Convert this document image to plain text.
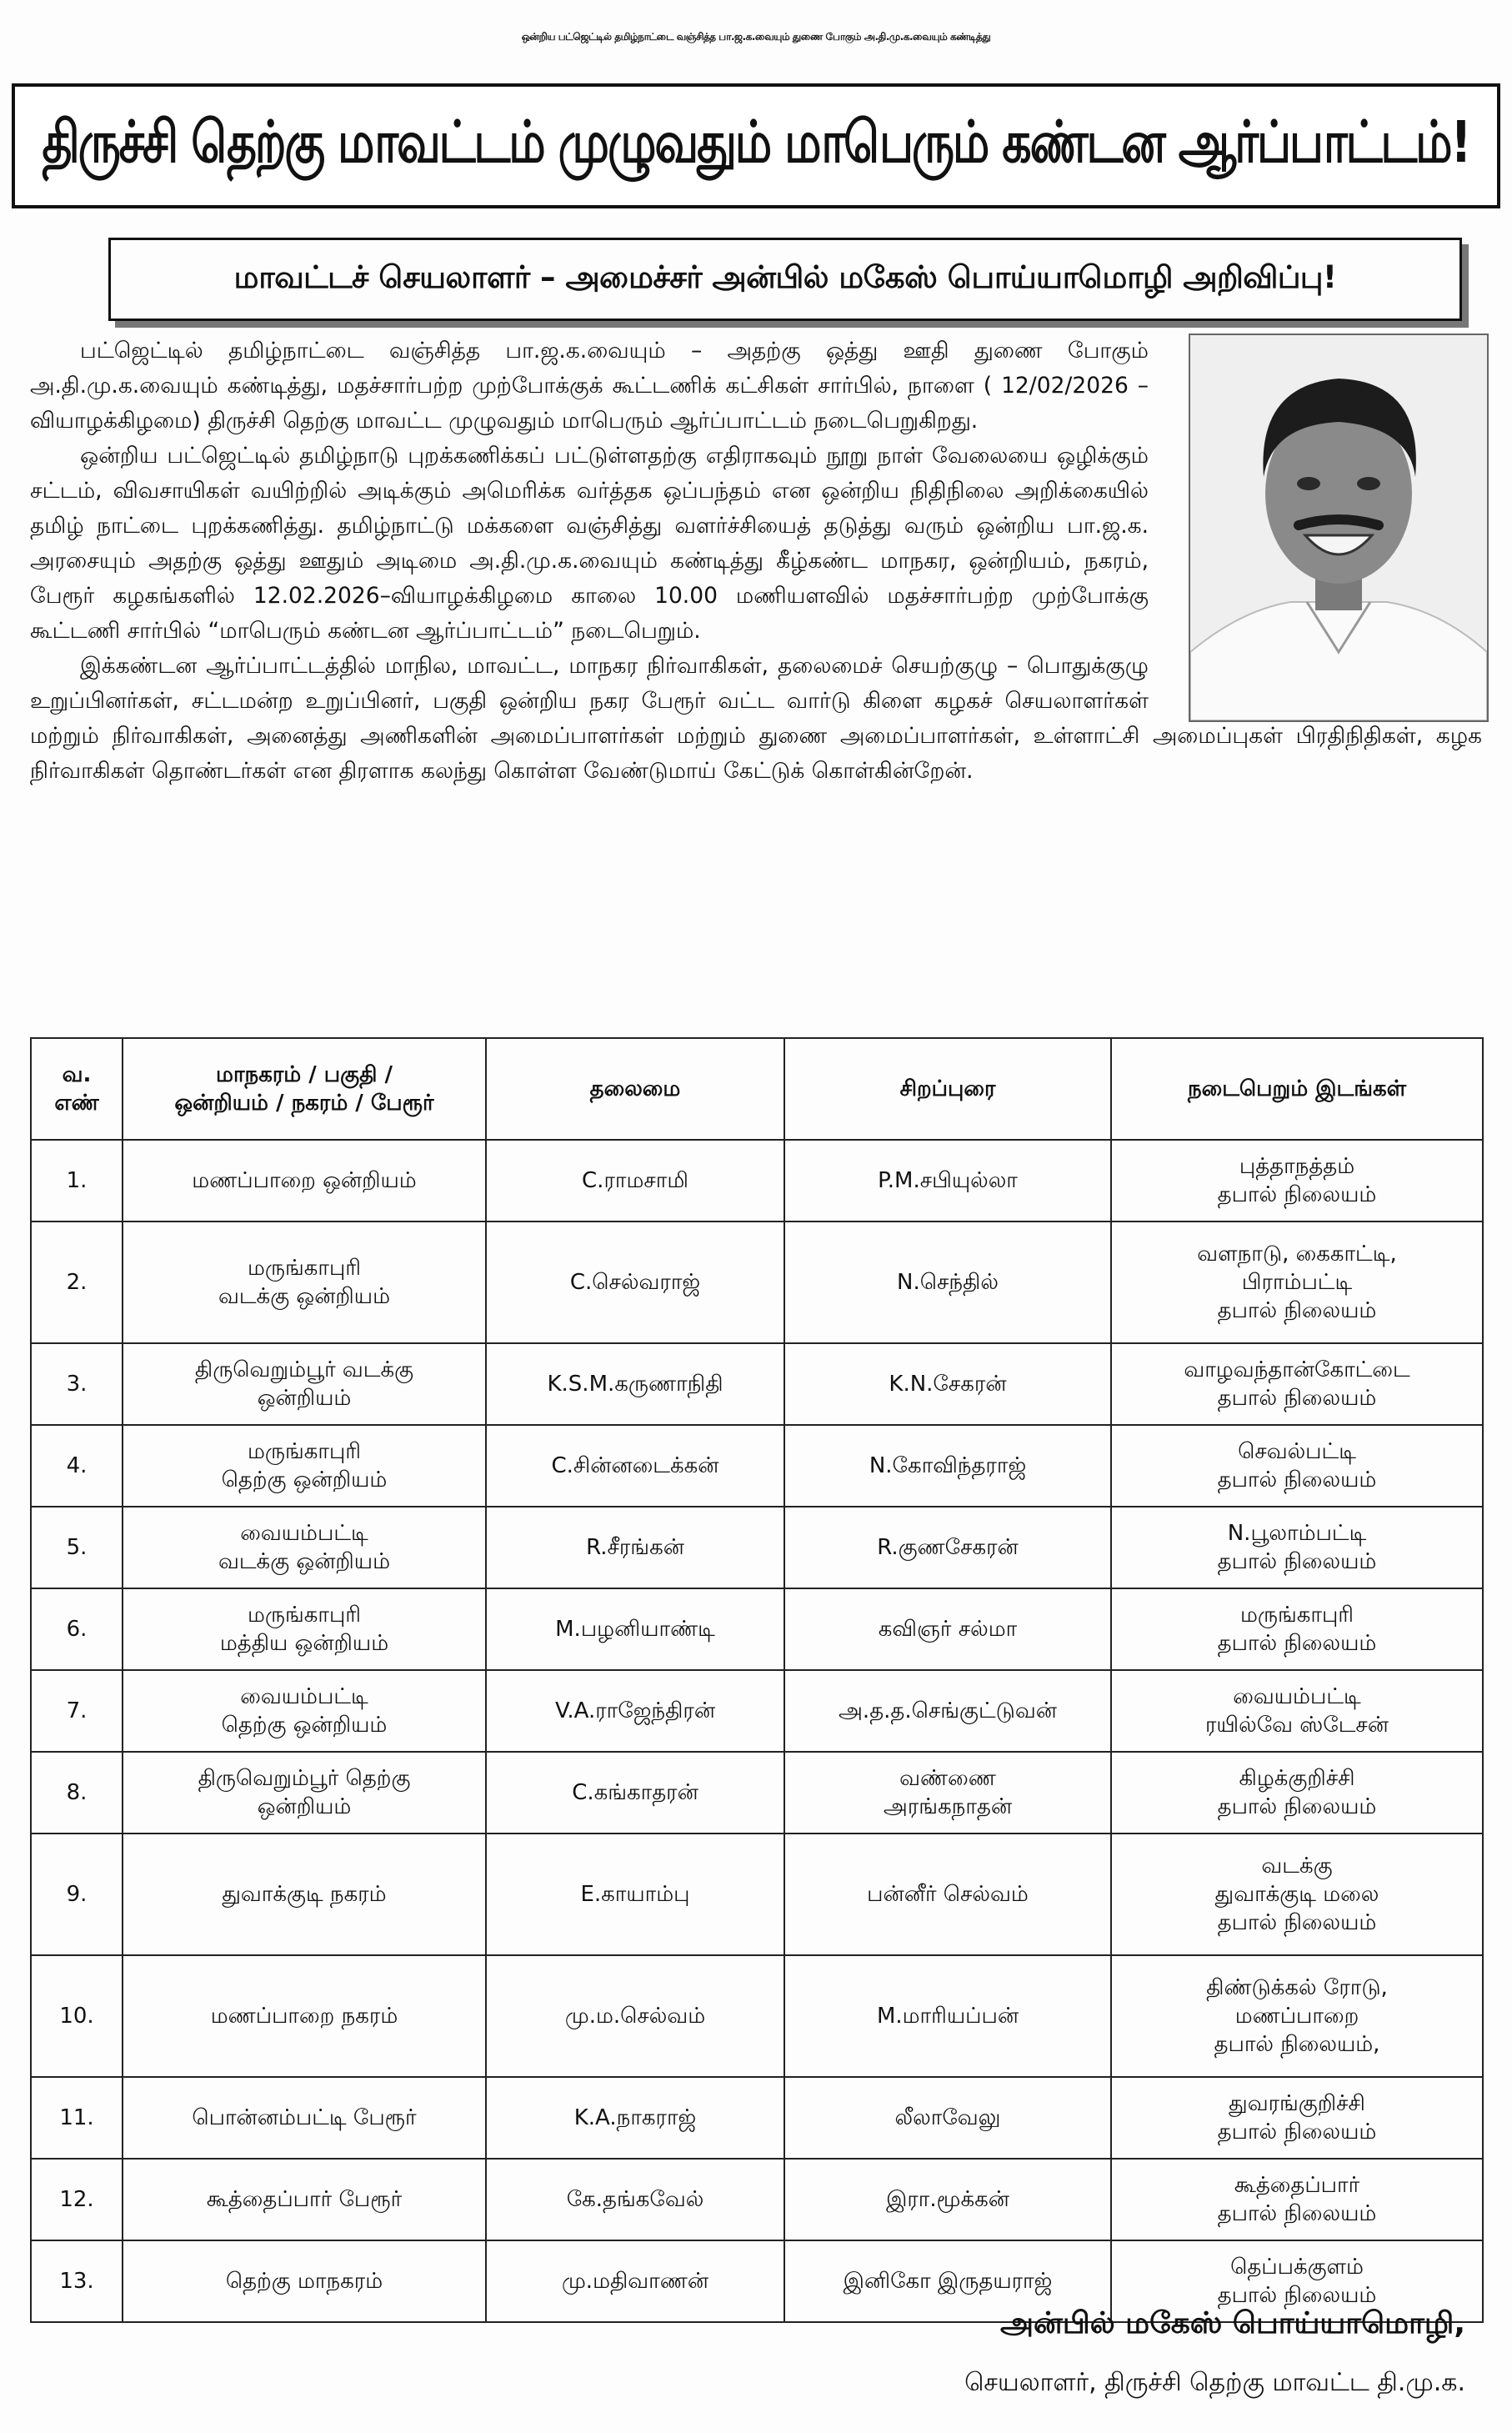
ஒன்றிய பட்ஜெட்டில் தமிழ்நாட்டை வஞ்சித்த பா.ஜ.க.வையும் துணை போகும் அ.தி.மு.க.வையும் கண்டித்து
திருச்சி தெற்கு மாவட்டம் முழுவதும் மாபெரும் கண்டன ஆர்ப்பாட்டம்!
மாவட்டச் செயலாளர் – அமைச்சர் அன்பில் மகேஸ் பொய்யாமொழி அறிவிப்பு!

பட்ஜெட்டில் தமிழ்நாட்டை வஞ்சித்த பா.ஜ.க.வையும் – அதற்கு ஒத்து ஊதி துணை போகும் அ.தி.மு.க.வையும் கண்டித்து, மதச்சார்பற்ற முற்போக்குக் கூட்டணிக் கட்சிகள் சார்பில், நாளை ( 12/02/2026 – வியாழக்கிழமை) திருச்சி தெற்கு மாவட்ட முழுவதும் மாபெரும் ஆர்ப்பாட்டம் நடைபெறுகிறது.

ஒன்றிய பட்ஜெட்டில் தமிழ்நாடு புறக்கணிக்கப் பட்டுள்ளதற்கு எதிராகவும் நூறு நாள் வேலையை ஒழிக்கும் சட்டம், விவசாயிகள் வயிற்றில் அடிக்கும் அமெரிக்க வர்த்தக ஒப்பந்தம் என ஒன்றிய நிதிநிலை அறிக்கையில் தமிழ் நாட்டை புறக்கணித்து. தமிழ்நாட்டு மக்களை வஞ்சித்து வளர்ச்சியைத் தடுத்து வரும் ஒன்றிய பா.ஜ.க. அரசையும் அதற்கு ஒத்து ஊதும் அடிமை அ.தி.மு.க.வையும் கண்டித்து கீழ்கண்ட மாநகர, ஒன்றியம், நகரம், பேரூர் கழகங்களில் 12.02.2026–வியாழக்கிழமை காலை 10.00 மணியளவில் மதச்சார்பற்ற முற்போக்கு கூட்டணி சார்பில் “மாபெரும் கண்டன ஆர்ப்பாட்டம்” நடைபெறும்.

இக்கண்டன ஆர்ப்பாட்டத்தில் மாநில, மாவட்ட, மாநகர நிர்வாகிகள், தலைமைச் செயற்குழு – பொதுக்குழு உறுப்பினர்கள், சட்டமன்ற உறுப்பினர், பகுதி ஒன்றிய நகர பேரூர் வட்ட வார்டு கிளை கழகச் செயலாளர்கள் மற்றும் நிர்வாகிகள், அனைத்து அணிகளின் அமைப்பாளர்கள் மற்றும் துணை அமைப்பாளர்கள், உள்ளாட்சி அமைப்புகள் பிரதிநிதிகள், கழக நிர்வாகிகள் தொண்டர்கள் என திரளாக கலந்து கொள்ள வேண்டுமாய் கேட்டுக் கொள்கின்றேன்.

வ.
எண்	மாநகரம் / பகுதி /
ஒன்றியம் / நகரம் / பேரூர்	தலைமை	சிறப்புரை	நடைபெறும் இடங்கள்
1.	மணப்பாறை ஒன்றியம்	C.ராமசாமி	P.M.சபியுல்லா	புத்தாநத்தம்
தபால் நிலையம்

2.	மருங்காபுரி
வடக்கு ஒன்றியம்	C.செல்வராஜ்	N.செந்தில்	வளநாடு, கைகாட்டி,
பிராம்பட்டி
தபால் நிலையம்

3.	திருவெறும்பூர் வடக்கு
ஒன்றியம்	K.S.M.கருணாநிதி	K.N.சேகரன்	வாழவந்தான்கோட்டை
தபால் நிலையம்

4.	மருங்காபுரி
தெற்கு ஒன்றியம்	C.சின்னடைக்கன்	N.கோவிந்தராஜ்	செவல்பட்டி
தபால் நிலையம்

5.	வையம்பட்டி
வடக்கு ஒன்றியம்	R.சீரங்கன்	R.குணசேகரன்	N.பூலாம்பட்டி
தபால் நிலையம்

6.	மருங்காபுரி
மத்திய ஒன்றியம்	M.பழனியாண்டி	கவிஞர் சல்மா	மருங்காபுரி
தபால் நிலையம்

7.	வையம்பட்டி
தெற்கு ஒன்றியம்	V.A.ராஜேந்திரன்	அ.த.த.செங்குட்டுவன்	வையம்பட்டி
ரயில்வே ஸ்டேசன்

8.	திருவெறும்பூர் தெற்கு
ஒன்றியம்	C.கங்காதரன்	வண்ணை
அரங்கநாதன்	கிழக்குறிச்சி
தபால் நிலையம்

9.	துவாக்குடி நகரம்	E.காயாம்பு	பன்னீர் செல்வம்	வடக்கு
துவாக்குடி மலை
தபால் நிலையம்

10.	மணப்பாறை நகரம்	மு.ம.செல்வம்	M.மாரியப்பன்	திண்டுக்கல் ரோடு,
மணப்பாறை
தபால் நிலையம்,

11.	பொன்னம்பட்டி பேரூர்	K.A.நாகராஜ்	லீலாவேலு	துவரங்குறிச்சி
தபால் நிலையம்

12.	கூத்தைப்பார் பேரூர்	கே.தங்கவேல்	இரா.மூக்கன்	கூத்தைப்பார்
தபால் நிலையம்

13.	தெற்கு மாநகரம்	மு.மதிவாணன்	இனிகோ இருதயராஜ்	தெப்பக்குளம்
தபால் நிலையம்
அன்பில் மகேஸ் பொய்யாமொழி,
செயலாளர், திருச்சி தெற்கு மாவட்ட தி.மு.க.
